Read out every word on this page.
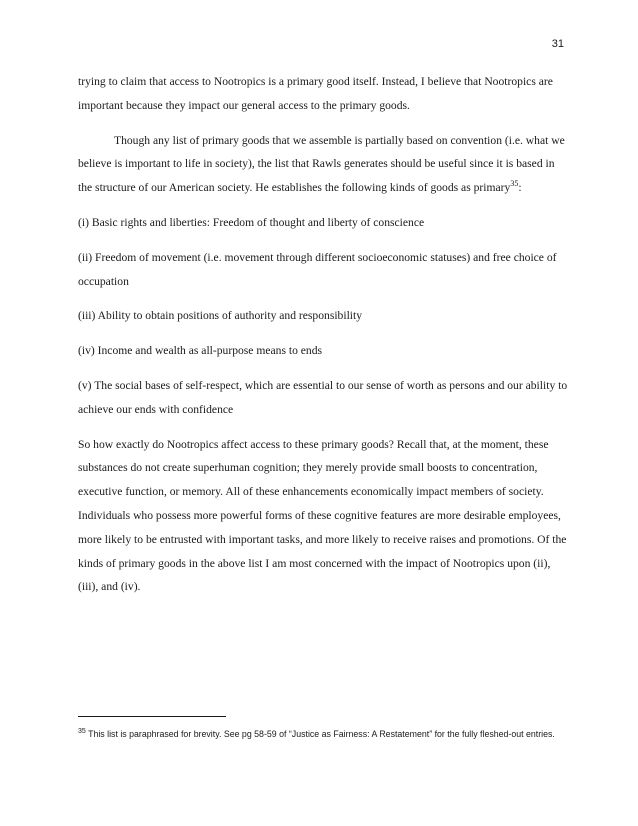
31

trying to claim that access to Nootropics is a primary good itself. Instead, I believe that Nootropics are important because they impact our general access to the primary goods.

Though any list of primary goods that we assemble is partially based on convention (i.e. what we believe is important to life in society), the list that Rawls generates should be useful since it is based in the structure of our American society. He establishes the following kinds of goods as primary$^{35}$:

(i) Basic rights and liberties: Freedom of thought and liberty of conscience

(ii) Freedom of movement (i.e. movement through different socioeconomic statuses) and free choice of occupation

(iii) Ability to obtain positions of authority and responsibility

(iv) Income and wealth as all-purpose means to ends

(v) The social bases of self-respect, which are essential to our sense of worth as persons and our ability to achieve our ends with confidence

So how exactly do Nootropics affect access to these primary goods? Recall that, at the moment, these substances do not create superhuman cognition; they merely provide small boosts to concentration, executive function, or memory. All of these enhancements economically impact members of society. Individuals who possess more powerful forms of these cognitive features are more desirable employees, more likely to be entrusted with important tasks, and more likely to receive raises and promotions. Of the kinds of primary goods in the above list I am most concerned with the impact of Nootropics upon (ii), (iii), and (iv).

$^{35}$ This list is paraphrased for brevity. See pg 58-59 of “Justice as Fairness: A Restatement” for the fully fleshed-out entries.
